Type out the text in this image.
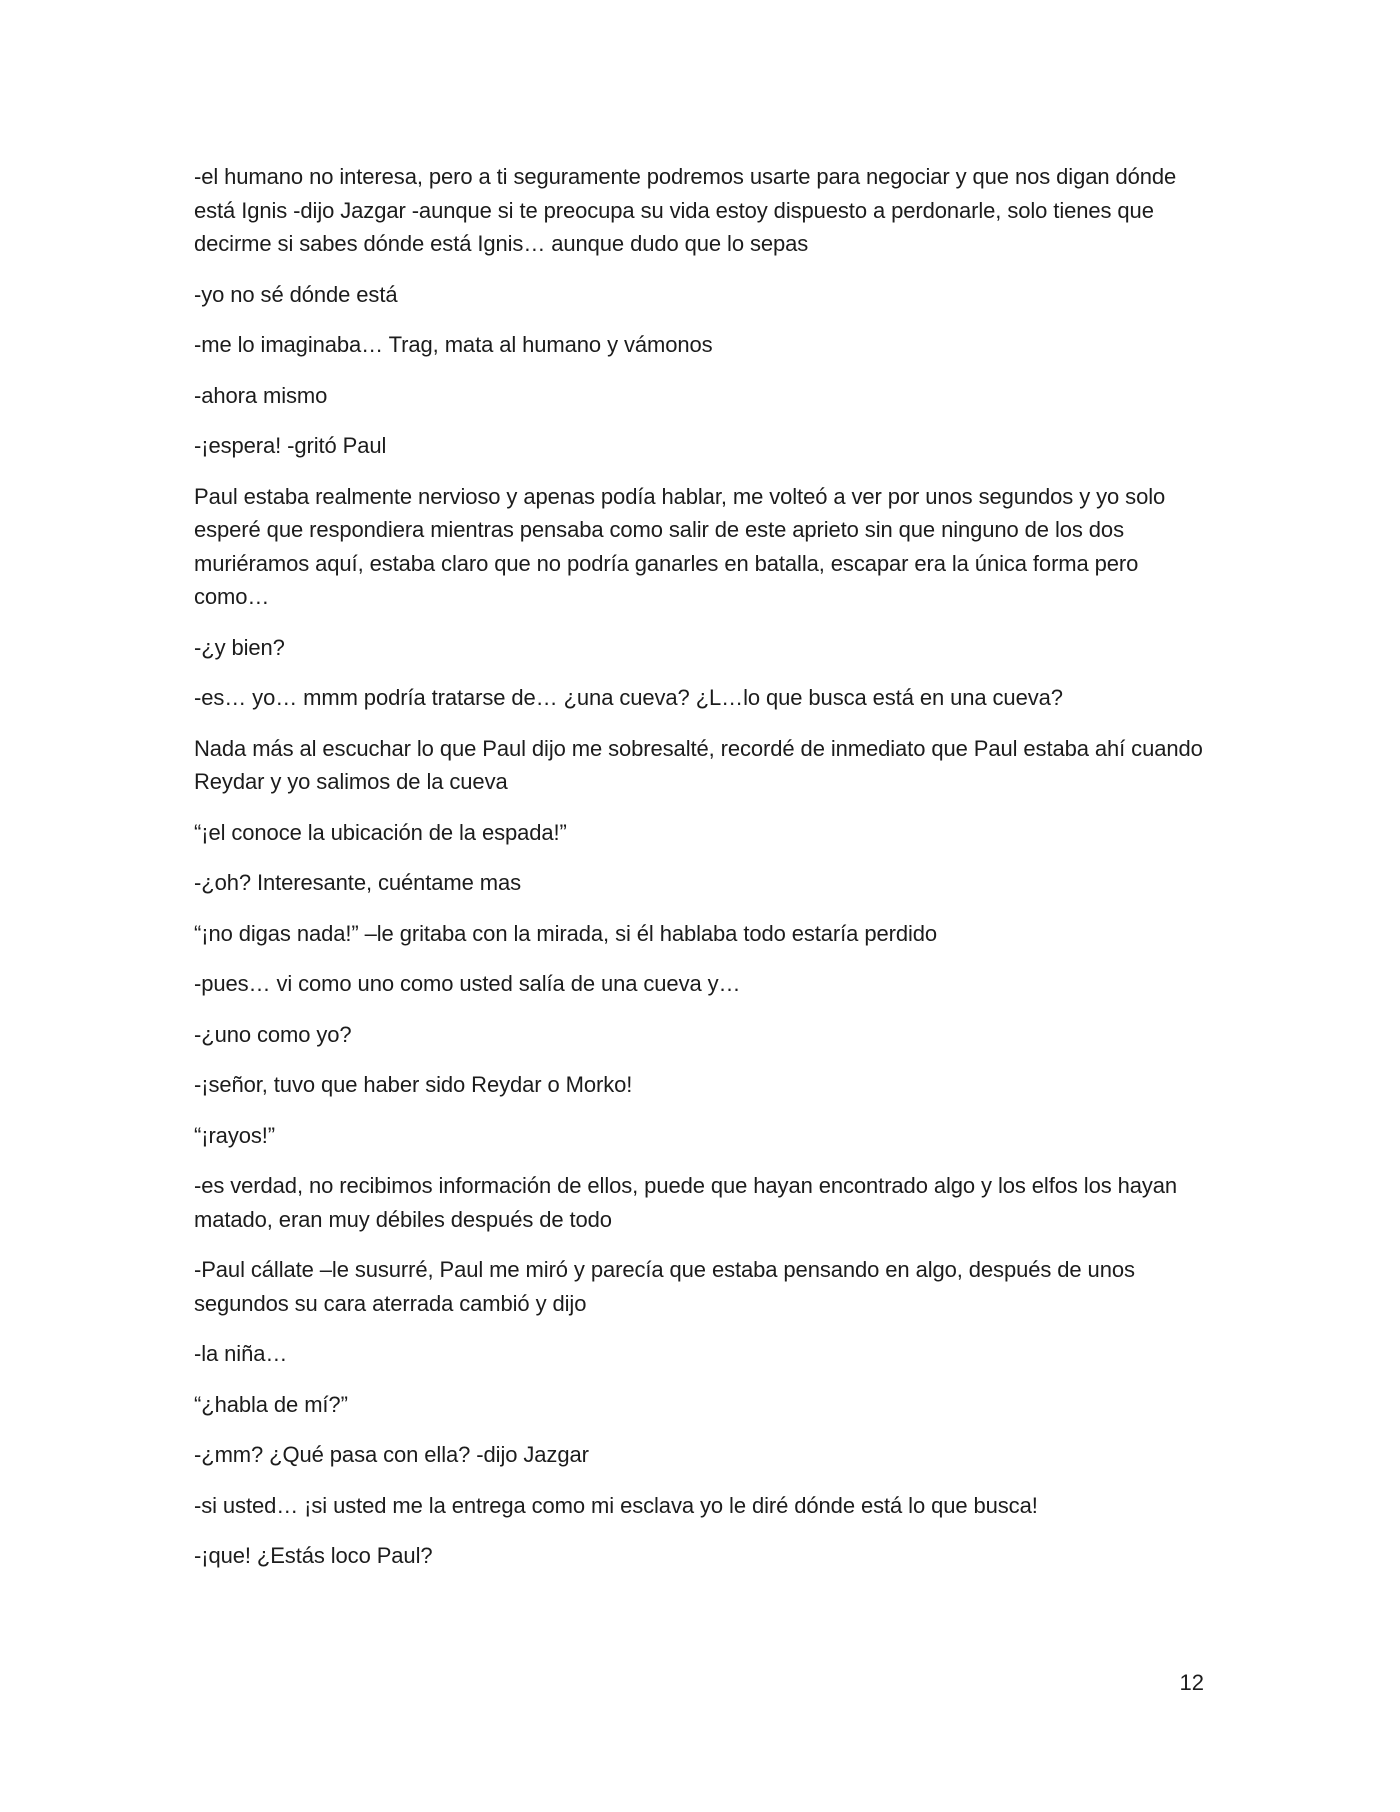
-el humano no interesa, pero a ti seguramente podremos usarte para negociar y que nos digan dónde está Ignis -dijo Jazgar -aunque si te preocupa su vida estoy dispuesto a perdonarle, solo tienes que decirme si sabes dónde está Ignis… aunque dudo que lo sepas

-yo no sé dónde está

-me lo imaginaba… Trag, mata al humano y vámonos

-ahora mismo

-¡espera! -gritó Paul

Paul estaba realmente nervioso y apenas podía hablar, me volteó a ver por unos segundos y yo solo esperé que respondiera mientras pensaba como salir de este aprieto sin que ninguno de los dos muriéramos aquí, estaba claro que no podría ganarles en batalla, escapar era la única forma pero como…

-¿y bien?

-es… yo… mmm podría tratarse de… ¿una cueva? ¿L…lo que busca está en una cueva?

Nada más al escuchar lo que Paul dijo me sobresalté, recordé de inmediato que Paul estaba ahí cuando Reydar y yo salimos de la cueva

“¡el conoce la ubicación de la espada!”

-¿oh? Interesante, cuéntame mas

“¡no digas nada!” –le gritaba con la mirada, si él hablaba todo estaría perdido

-pues… vi como uno como usted salía de una cueva y…

-¿uno como yo?

-¡señor, tuvo que haber sido Reydar o Morko!

“¡rayos!”

-es verdad, no recibimos información de ellos, puede que hayan encontrado algo y los elfos los hayan matado, eran muy débiles después de todo

-Paul cállate –le susurré, Paul me miró y parecía que estaba pensando en algo, después de unos segundos su cara aterrada cambió y dijo

-la niña…

“¿habla de mí?”

-¿mm? ¿Qué pasa con ella? -dijo Jazgar

-si usted… ¡si usted me la entrega como mi esclava yo le diré dónde está lo que busca!

-¡que! ¿Estás loco Paul?

12
